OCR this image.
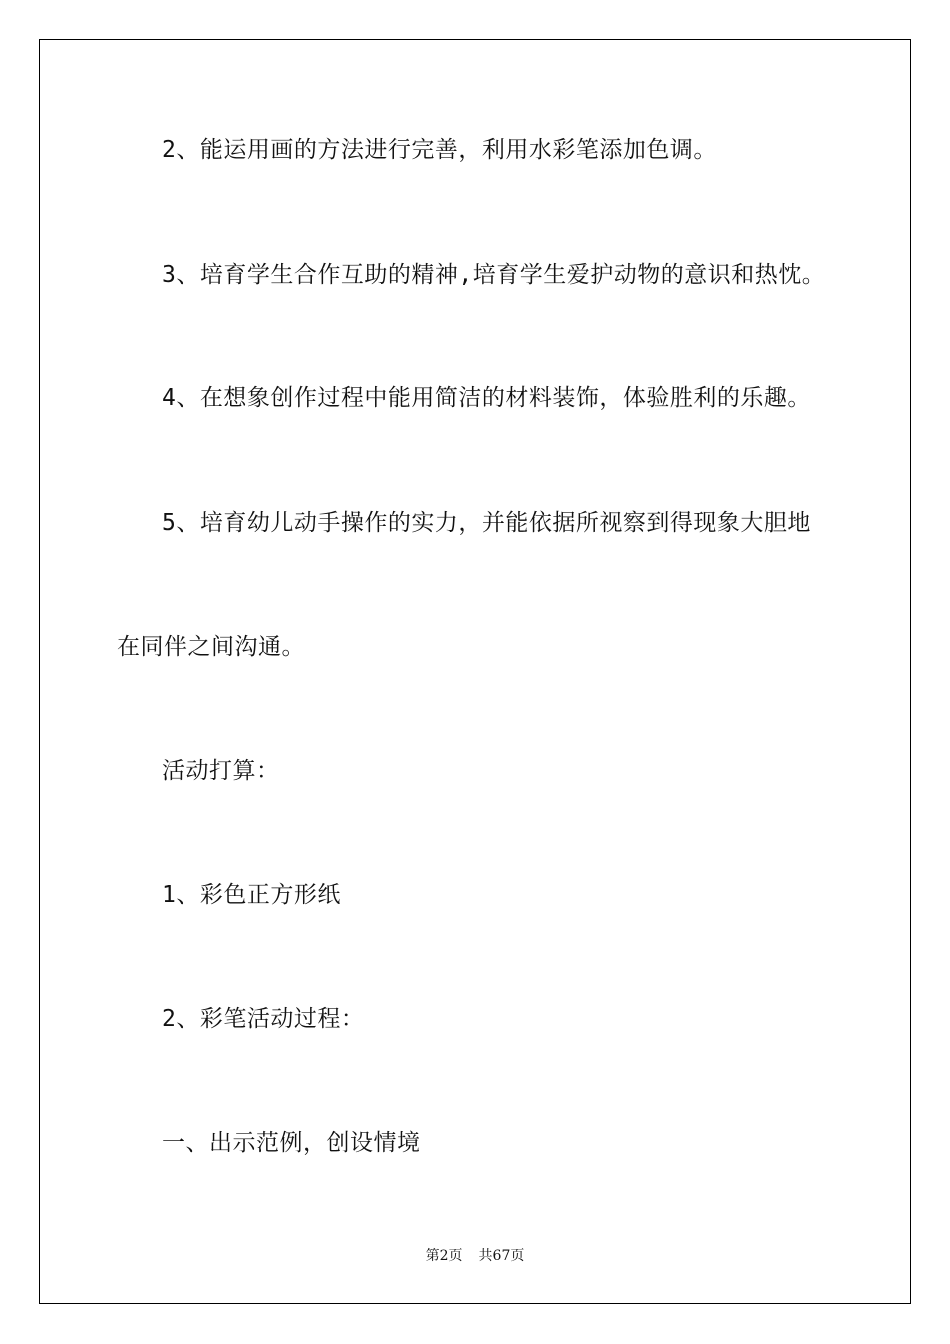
2、能运用画的方法进行完善，利用水彩笔添加色调。
3、培育学生合作互助的精神,培育学生爱护动物的意识和热忱。
4、在想象创作过程中能用简洁的材料装饰，体验胜利的乐趣。
5、培育幼儿动手操作的实力，并能依据所视察到得现象大胆地
在同伴之间沟通。
活动打算：
1、彩色正方形纸
2、彩笔活动过程：
一、出示范例，创设情境
第2页 共67页
